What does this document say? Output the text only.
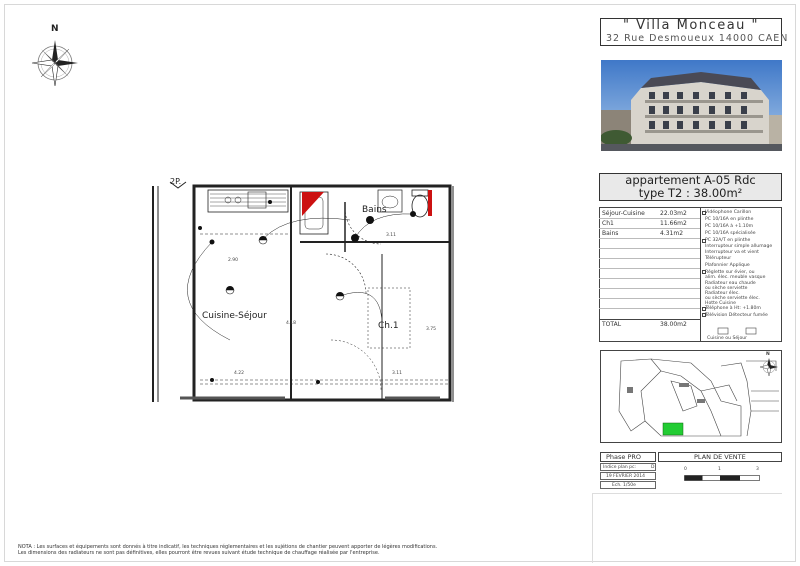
N
Cuisine-Séjour
Bains
Ch.1
2P.
2.90
4.18
3.75
4.22	3.11
3.11
" Villa Monceau "
32 Rue Desmoueux 14000 CAEN
appartement A-05 Rdc
type T2 : 38.00m²
Séjour-Cuisine	22.03m2
Ch1	11.66m2
Bains	4.31m2
TOTAL	38.00m2
Vidéophone Carillon
PC 10/16A en plinthe
PC 10/16A à +1.10m
PC 10/16A spécialisée
PC 32A/T en plinthe
Interrupteur simple allumage
Interrupteur va et vient
Télérupteur
Plafonnier Applique
Réglette sur évier, ou
alim. élec. meuble vasque
Radiateur eau chaude
ou sèche serviette
Radiateur élec.
ou sèche serviette élec.
Hotte Cuisine
Téléphone à Ht: +1.80m
Télévision Détecteur fumée
Cuisine ou Séjour
N
Phase PRO	PLAN DE VENTE
Indice plan pc:	D
19 FEVRIER 2014
Ech. 1/50e
0	1	3
NOTA : Les surfaces et équipements sont donnés à titre indicatif, les techniques réglementaires et les sujétions de chantier peuvent apporter de légères modifications.
Les dimensions des radiateurs ne sont pas définitives, elles pourront être revues suivant étude technique de chauffage réalisée par l'entreprise.
